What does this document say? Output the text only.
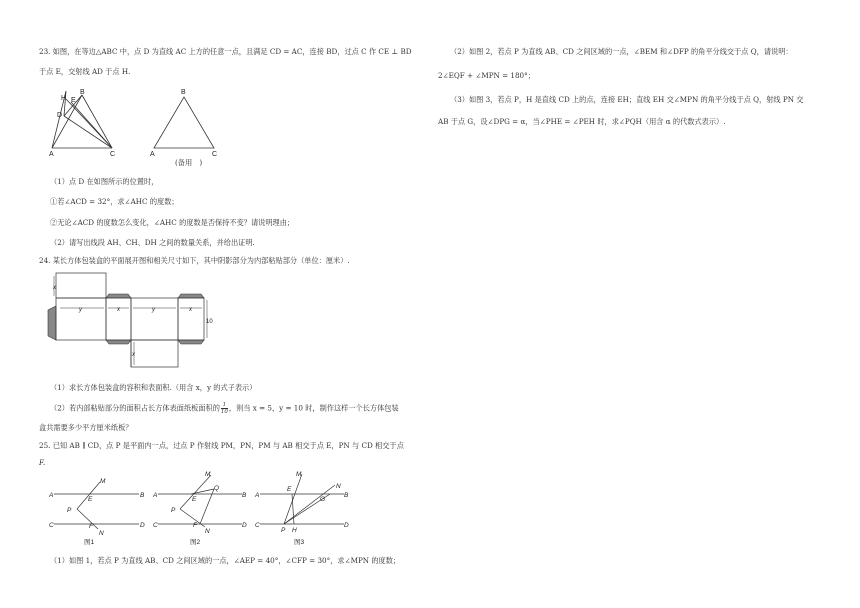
23. 如图，在等边△ABC 中，点 D 为直线 AC 上方的任意一点，且满足 CD = AC，连接 BD，过点 C 作 CE ⊥ BD
于点 E，交射线 AD 于点 H.
H
B
E
D
A	C
B
A	C
(备用　)
（1）点 D 在如图所示的位置时，
①若∠ACD = 32°，求∠AHC 的度数；
②无论∠ACD 的度数怎么变化，∠AHC 的度数是否保持不变？请说明理由；
（2）请写出线段 AH、CH、DH 之间的数量关系，并给出证明.
24. 某长方体包装盒的平面展开图和相关尺寸如下，其中阴影部分为内部粘贴部分（单位：厘米）.
x
y	x	y	x
10
x
（1）求长方体包装盒的容积和表面积.（用含 x，y 的式子表示）
（2）若内部粘贴部分的面积占长方体表面纸板面积的 $\frac{1}{10}$ ，则当 x = 5，y = 10 时，制作这样一个长方体包装
盒共需要多少平方厘米纸板？
25. 已知 AB ∥ CD，点 P 是平面内一点，过点 P 作射线 PM，PN，PM 与 AB 相交于点 E，PN 与 CD 相交于点
F.
A	B
C	D
M
E
P
F
N
图1
A	B
C	D
M
Q
E
P
F
N
图2
A	B
C	D
M
N
E
G
P H
图3
（1）如图 1，若点 P 为直线 AB、CD 之间区域的一点，∠AEP = 40°，∠CFP = 30°，求∠MPN 的度数；
（2）如图 2，若点 P 为直线 AB、CD 之间区域的一点，∠BEM 和∠DFP 的角平分线交于点 Q，请说明：
2∠EQF + ∠MPN = 180°；
（3）如图 3，若点 P，H 是直线 CD 上的点，连接 EH；直线 EH 交∠MPN 的角平分线于点 Q，射线 PN 交
AB 于点 G，设∠DPG = α，当∠PHE = ∠PEH 时，求∠PQH（用含 α 的代数式表示）.
